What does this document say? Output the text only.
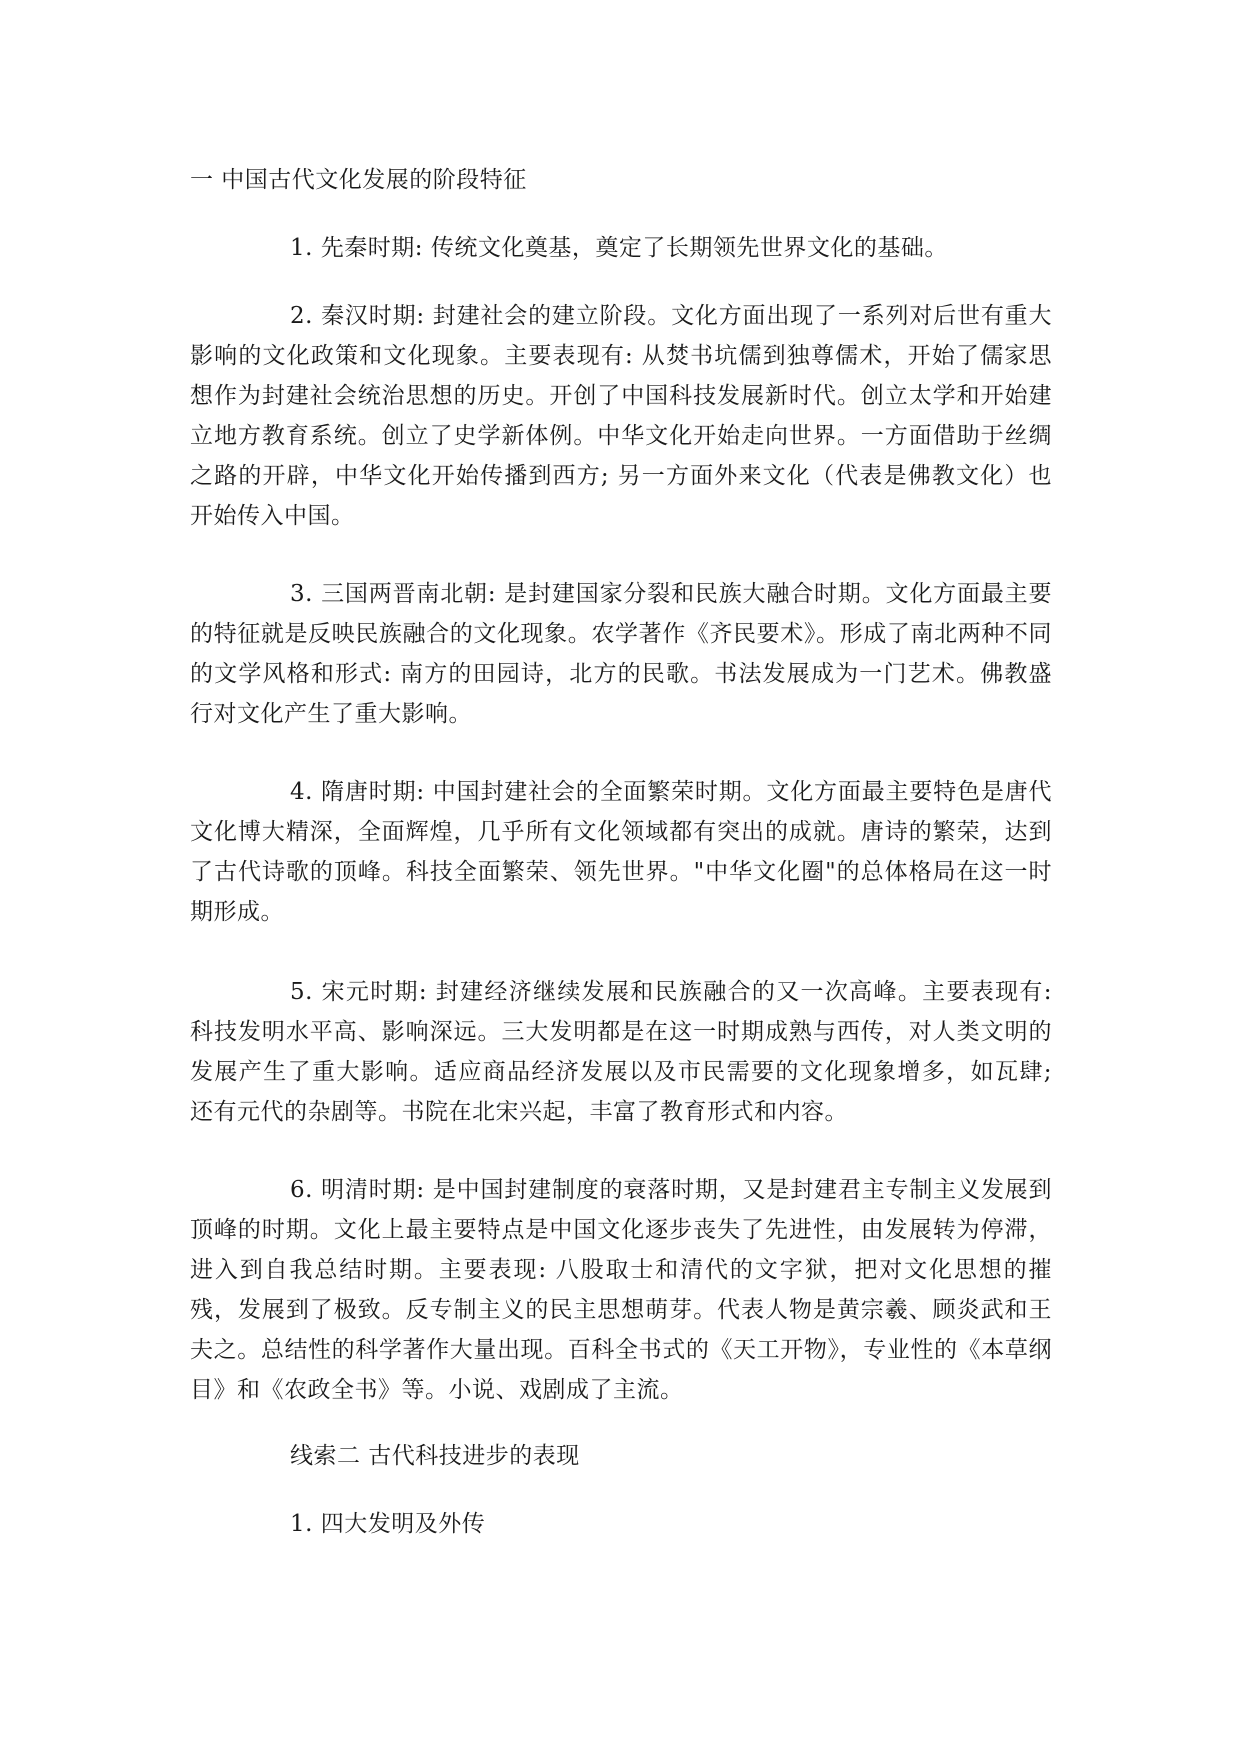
一 中国古代文化发展的阶段特征
1. 先秦时期: 传统文化奠基，奠定了长期领先世界文化的基础。
2. 秦汉时期: 封建社会的建立阶段。文化方面出现了一系列对后世有重大影响的文化政策和文化现象。主要表现有: 从焚书坑儒到独尊儒术，开始了儒家思想作为封建社会统治思想的历史。开创了中国科技发展新时代。创立太学和开始建立地方教育系统。创立了史学新体例。中华文化开始走向世界。一方面借助于丝绸之路的开辟，中华文化开始传播到西方; 另一方面外来文化（代表是佛教文化）也开始传入中国。
3. 三国两晋南北朝: 是封建国家分裂和民族大融合时期。文化方面最主要的特征就是反映民族融合的文化现象。农学著作《齐民要术》。形成了南北两种不同的文学风格和形式: 南方的田园诗，北方的民歌。书法发展成为一门艺术。佛教盛行对文化产生了重大影响。
4. 隋唐时期: 中国封建社会的全面繁荣时期。文化方面最主要特色是唐代文化博大精深，全面辉煌，几乎所有文化领域都有突出的成就。唐诗的繁荣，达到了古代诗歌的顶峰。科技全面繁荣、领先世界。"中华文化圈"的总体格局在这一时期形成。
5. 宋元时期: 封建经济继续发展和民族融合的又一次高峰。主要表现有: 科技发明水平高、影响深远。三大发明都是在这一时期成熟与西传，对人类文明的发展产生了重大影响。适应商品经济发展以及市民需要的文化现象增多，如瓦肆; 还有元代的杂剧等。书院在北宋兴起，丰富了教育形式和内容。
6. 明清时期: 是中国封建制度的衰落时期，又是封建君主专制主义发展到顶峰的时期。文化上最主要特点是中国文化逐步丧失了先进性，由发展转为停滞，进入到自我总结时期。主要表现: 八股取士和清代的文字狱，把对文化思想的摧残，发展到了极致。反专制主义的民主思想萌芽。代表人物是黄宗羲、顾炎武和王夫之。总结性的科学著作大量出现。百科全书式的《天工开物》，专业性的《本草纲目》和《农政全书》等。小说、戏剧成了主流。
线索二 古代科技进步的表现
1. 四大发明及外传
